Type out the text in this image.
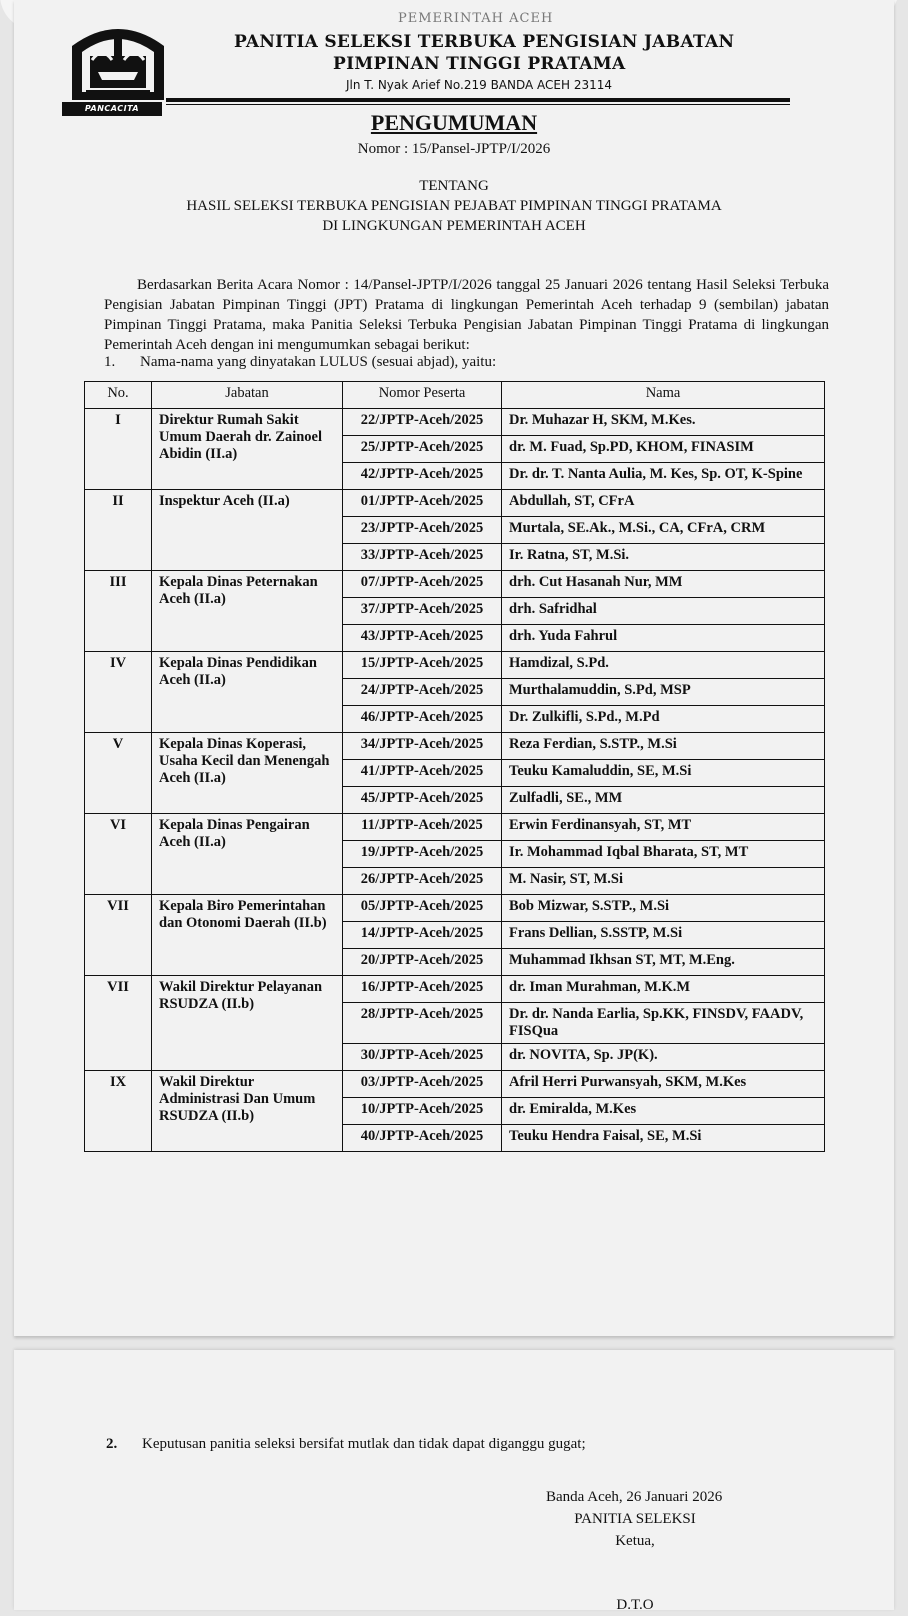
PANCACITA
PEMERINTAH ACEH
PANITIA SELEKSI TERBUKA PENGISIAN JABATAN
PIMPINAN TINGGI PRATAMA
Jln T. Nyak Arief No.219 BANDA ACEH 23114
PENGUMUMAN
Nomor : 15/Pansel-JPTP/I/2026
TENTANG
HASIL SELEKSI TERBUKA PENGISIAN PEJABAT PIMPINAN TINGGI PRATAMA
DI LINGKUNGAN PEMERINTAH ACEH

Berdasarkan Berita Acara Nomor : 14/Pansel-JPTP/I/2026 tanggal 25 Januari 2026 tentang Hasil Seleksi Terbuka Pengisian Jabatan Pimpinan Tinggi (JPT) Pratama di lingkungan Pemerintah Aceh terhadap 9 (sembilan) jabatan Pimpinan Tinggi Pratama, maka Panitia Seleksi Terbuka Pengisian Jabatan Pimpinan Tinggi Pratama di lingkungan Pemerintah Aceh dengan ini mengumumkan sebagai berikut:

1. Nama-nama yang dinyatakan LULUS (sesuai abjad), yaitu:
No.	Jabatan	Nomor Peserta	Nama
I	Direktur Rumah Sakit Umum Daerah dr. Zainoel Abidin (II.a)	22/JPTP-Aceh/2025	Dr. Muhazar H, SKM, M.Kes.
		25/JPTP-Aceh/2025	dr. M. Fuad, Sp.PD, KHOM, FINASIM
		42/JPTP-Aceh/2025	Dr. dr. T. Nanta Aulia, M. Kes, Sp. OT, K-Spine
II	Inspektur Aceh (II.a)	01/JPTP-Aceh/2025	Abdullah, ST, CFrA
		23/JPTP-Aceh/2025	Murtala, SE.Ak., M.Si., CA, CFrA, CRM
		33/JPTP-Aceh/2025	Ir. Ratna, ST, M.Si.
III	Kepala Dinas Peternakan Aceh (II.a)	07/JPTP-Aceh/2025	drh. Cut Hasanah Nur, MM
		37/JPTP-Aceh/2025	drh. Safridhal
		43/JPTP-Aceh/2025	drh. Yuda Fahrul
IV	Kepala Dinas Pendidikan Aceh (II.a)	15/JPTP-Aceh/2025	Hamdizal, S.Pd.
		24/JPTP-Aceh/2025	Murthalamuddin, S.Pd, MSP
		46/JPTP-Aceh/2025	Dr. Zulkifli, S.Pd., M.Pd
V	Kepala Dinas Koperasi, Usaha Kecil dan Menengah Aceh (II.a)	34/JPTP-Aceh/2025	Reza Ferdian, S.STP., M.Si
		41/JPTP-Aceh/2025	Teuku Kamaluddin, SE, M.Si
		45/JPTP-Aceh/2025	Zulfadli, SE., MM
VI	Kepala Dinas Pengairan Aceh (II.a)	11/JPTP-Aceh/2025	Erwin Ferdinansyah, ST, MT
		19/JPTP-Aceh/2025	Ir. Mohammad Iqbal Bharata, ST, MT
		26/JPTP-Aceh/2025	M. Nasir, ST, M.Si
VII	Kepala Biro Pemerintahan dan Otonomi Daerah (II.b)	05/JPTP-Aceh/2025	Bob Mizwar, S.STP., M.Si
		14/JPTP-Aceh/2025	Frans Dellian, S.SSTP, M.Si
		20/JPTP-Aceh/2025	Muhammad Ikhsan ST, MT, M.Eng.
VII	Wakil Direktur Pelayanan RSUDZA (II.b)	16/JPTP-Aceh/2025	dr. Iman Murahman, M.K.M
		28/JPTP-Aceh/2025	Dr. dr. Nanda Earlia, Sp.KK, FINSDV, FAADV, FISQua
		30/JPTP-Aceh/2025	dr. NOVITA, Sp. JP(K).
IX	Wakil Direktur Administrasi Dan Umum RSUDZA (II.b)	03/JPTP-Aceh/2025	Afril Herri Purwansyah, SKM, M.Kes
		10/JPTP-Aceh/2025	dr. Emiralda, M.Kes
		40/JPTP-Aceh/2025	Teuku Hendra Faisal, SE, M.Si
2. Keputusan panitia seleksi bersifat mutlak dan tidak dapat diganggu gugat;
Banda Aceh, 26 Januari 2026
PANITIA SELEKSI
Ketua,
D.T.O
